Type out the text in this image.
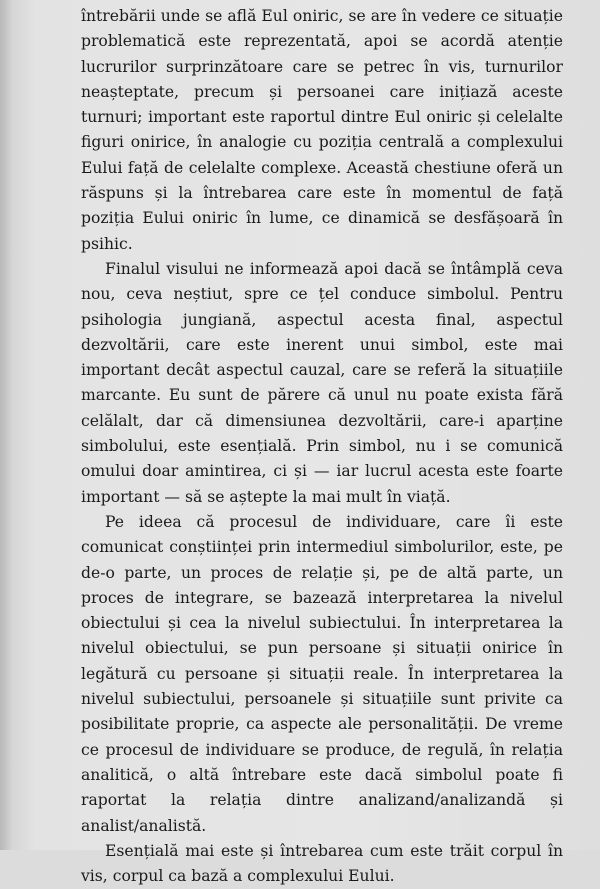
întrebării unde se află Eul oniric, se are în vedere ce situație problematică este reprezentată, apoi se acordă atenție lucrurilor surprinzătoare care se petrec în vis, turnurilor neașteptate, precum și persoanei care inițiază aceste turnuri; important este raportul dintre Eul oniric și celelalte figuri onirice, în analogie cu poziția centrală a complexului Eului față de celelalte complexe. Această chestiune oferă un răspuns și la întrebarea care este în momentul de față poziția Eului oniric în lume, ce dinamică se desfășoară în psihic.

Finalul visului ne informează apoi dacă se întâmplă ceva nou, ceva neștiut, spre ce țel conduce simbolul. Pentru psihologia jungiană, aspectul acesta final, aspectul dezvoltării, care este inerent unui simbol, este mai important decât aspectul cauzal, care se referă la situațiile marcante. Eu sunt de părere că unul nu poate exista fără celălalt, dar că dimensiunea dezvoltării, care-i aparține simbolului, este esențială. Prin simbol, nu i se comunică omului doar amintirea, ci și — iar lucrul acesta este foarte important — să se aștepte la mai mult în viață.

Pe ideea că procesul de individuare, care îi este comunicat conștiinței prin intermediul simbolurilor, este, pe de-o parte, un proces de relație și, pe de altă parte, un proces de integrare, se bazează interpretarea la nivelul obiectului și cea la nivelul subiectului. În interpretarea la nivelul obiectului, se pun persoane și situații onirice în legătură cu persoane și situații reale. În interpretarea la nivelul subiectului, persoanele și situațiile sunt privite ca posibilitate proprie, ca aspecte ale personalității. De vreme ce procesul de individuare se produce, de regulă, în relația analitică, o altă întrebare este dacă simbolul poate fi raportat la relația dintre analizand/analizandă și analist/analistă.

Esențială mai este și întrebarea cum este trăit corpul în vis, corpul ca bază a complexului Eului.
